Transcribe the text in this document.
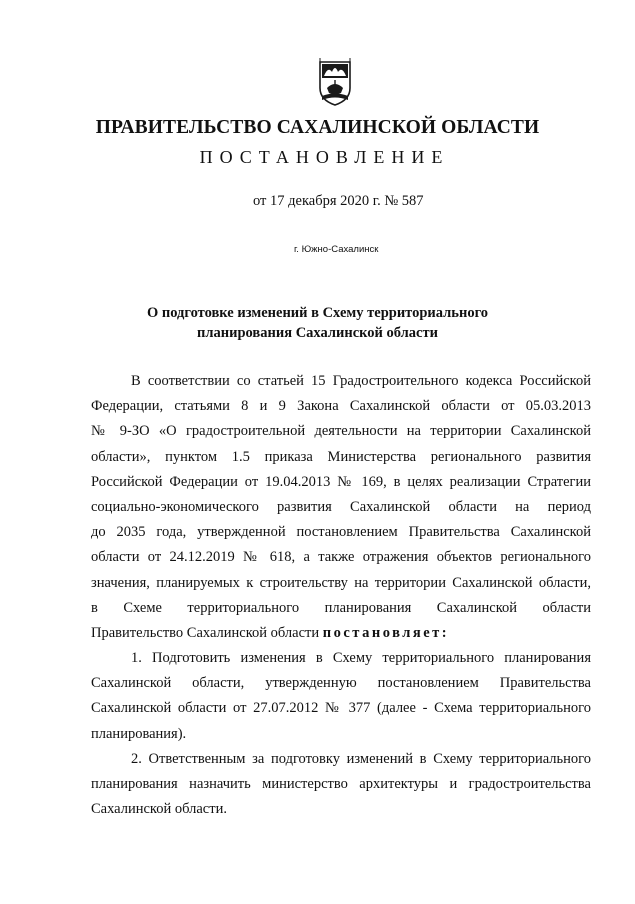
ПРАВИТЕЛЬСТВО САХАЛИНСКОЙ ОБЛАСТИ
ПОСТАНОВЛЕНИЕ
от 17 декабря 2020 г. № 587
г. Южно-Сахалинск
О подготовке изменений в Схему территориального
планирования Сахалинской области
В соответствии со статьей 15 Градостроительного кодекса Российской
Федерации, статьями 8 и 9 Закона Сахалинской области от 05.03.2013
№ 9-ЗО «О градостроительной деятельности на территории Сахалинской
области», пунктом 1.5 приказа Министерства регионального развития
Российской Федерации от 19.04.2013 № 169, в целях реализации Стратегии
социально-экономического развития Сахалинской области на период
до 2035 года, утвержденной постановлением Правительства Сахалинской
области от 24.12.2019 № 618, а также отражения объектов регионального
значения, планируемых к строительству на территории Сахалинской области,
в Схеме территориального планирования Сахалинской области
Правительство Сахалинской области постановляет:
1. Подготовить изменения в Схему территориального планирования
Сахалинской области, утвержденную постановлением Правительства
Сахалинской области от 27.07.2012 № 377 (далее - Схема территориального
планирования).
2. Ответственным за подготовку изменений в Схему территориального
планирования назначить министерство архитектуры и градостроительства
Сахалинской области.
